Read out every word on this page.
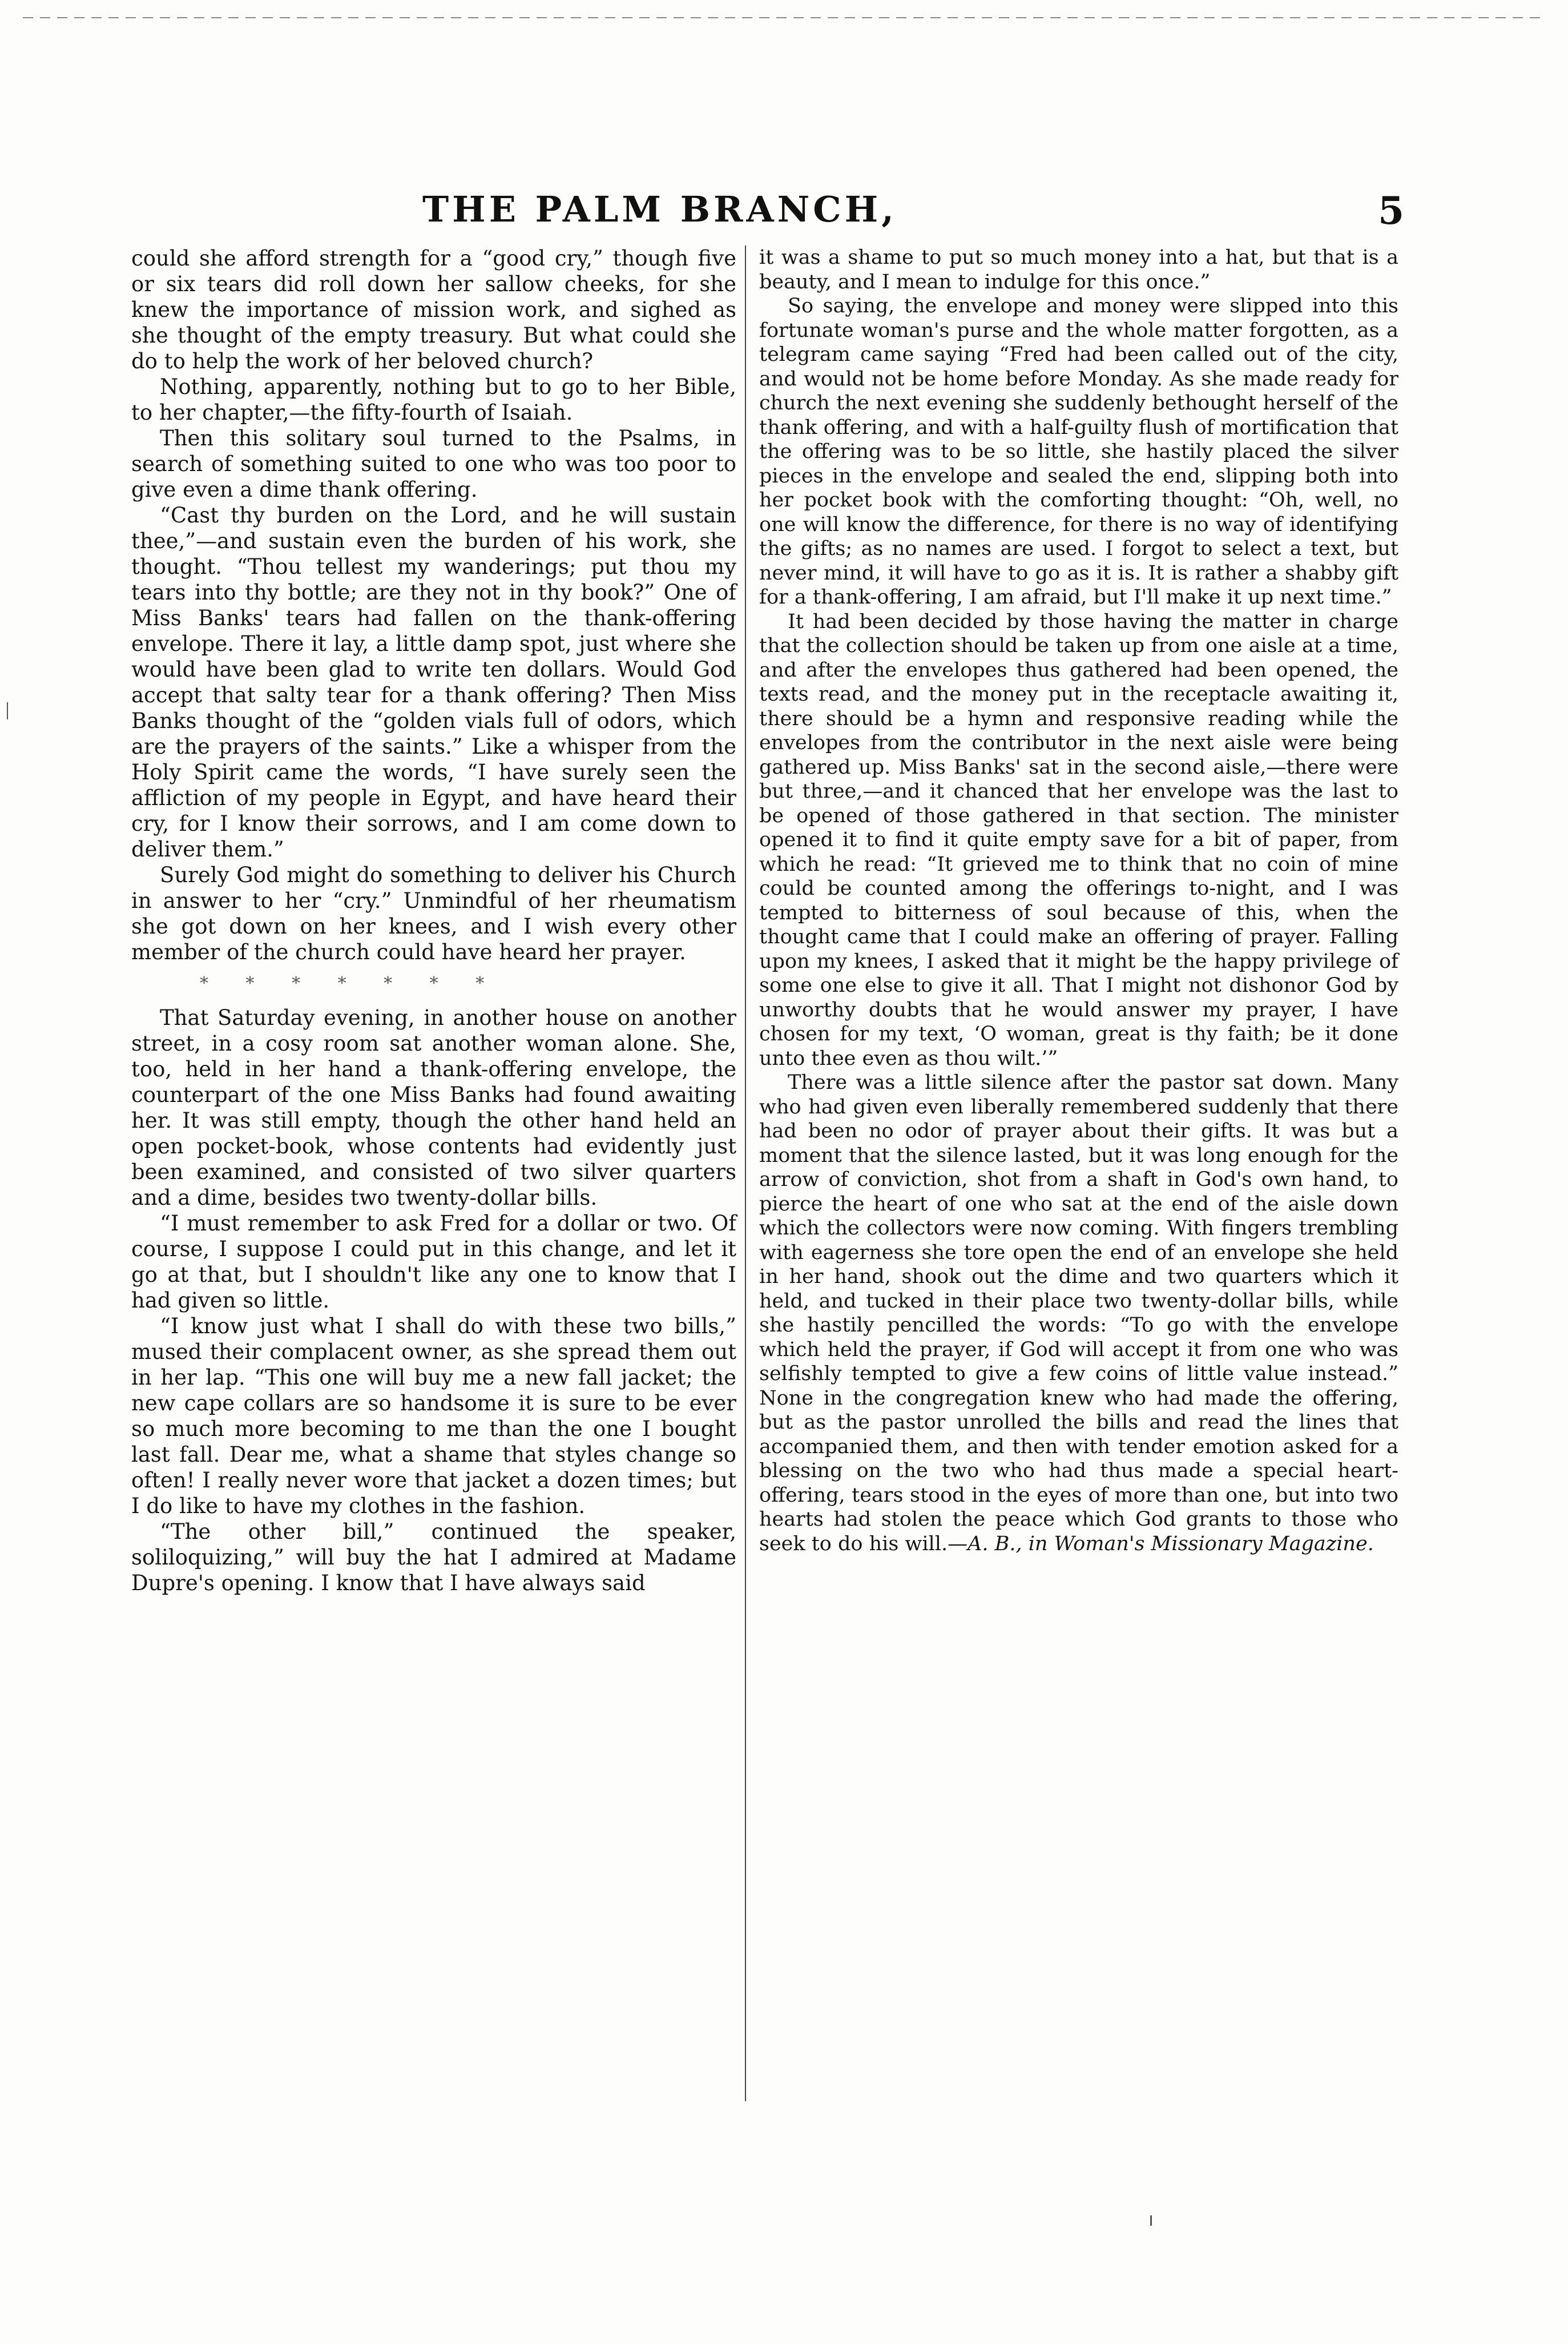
THE PALM BRANCH,	5

could she afford strength for a “good cry,” though five or six tears did roll down her sallow cheeks, for she knew the importance of mission work, and sighed as she thought of the empty treasury. But what could she do to help the work of her beloved church?

Nothing, apparently, nothing but to go to her Bible, to her chapter,—the fifty-fourth of Isaiah.

Then this solitary soul turned to the Psalms, in search of something suited to one who was too poor to give even a dime thank offering.

“Cast thy burden on the Lord, and he will sustain thee,”—and sustain even the burden of his work, she thought. “Thou tellest my wanderings; put thou my tears into thy bottle; are they not in thy book?” One of Miss Banks' tears had fallen on the thank-offering envelope. There it lay, a little damp spot, just where she would have been glad to write ten dollars. Would God accept that salty tear for a thank offering? Then Miss Banks thought of the “golden vials full of odors, which are the prayers of the saints.” Like a whisper from the Holy Spirit came the words, “I have surely seen the affliction of my people in Egypt, and have heard their cry, for I know their sorrows, and I am come down to deliver them.”

Surely God might do something to deliver his Church in answer to her “cry.” Unmindful of her rheumatism she got down on her knees, and I wish every other member of the church could have heard her prayer.

* * * * * * *

That Saturday evening, in another house on another street, in a cosy room sat another woman alone. She, too, held in her hand a thank-offering envelope, the counterpart of the one Miss Banks had found awaiting her. It was still empty, though the other hand held an open pocket-book, whose contents had evidently just been examined, and consisted of two silver quarters and a dime, besides two twenty-dollar bills.

“I must remember to ask Fred for a dollar or two. Of course, I suppose I could put in this change, and let it go at that, but I shouldn't like any one to know that I had given so little.

“I know just what I shall do with these two bills,” mused their complacent owner, as she spread them out in her lap. “This one will buy me a new fall jacket; the new cape collars are so handsome it is sure to be ever so much more becoming to me than the one I bought last fall. Dear me, what a shame that styles change so often! I really never wore that jacket a dozen times; but I do like to have my clothes in the fashion.

“The other bill,” continued the speaker, soliloquizing,” will buy the hat I admired at Madame Dupre's opening. I know that I have always said

it was a shame to put so much money into a hat, but that is a beauty, and I mean to indulge for this once.”

So saying, the envelope and money were slipped into this fortunate woman's purse and the whole matter forgotten, as a telegram came saying “Fred had been called out of the city, and would not be home before Monday. As she made ready for church the next evening she suddenly bethought herself of the thank offering, and with a half-guilty flush of mortification that the offering was to be so little, she hastily placed the silver pieces in the envelope and sealed the end, slipping both into her pocket book with the comforting thought: “Oh, well, no one will know the difference, for there is no way of identifying the gifts; as no names are used. I forgot to select a text, but never mind, it will have to go as it is. It is rather a shabby gift for a thank-offering, I am afraid, but I'll make it up next time.”

It had been decided by those having the matter in charge that the collection should be taken up from one aisle at a time, and after the envelopes thus gathered had been opened, the texts read, and the money put in the receptacle awaiting it, there should be a hymn and responsive reading while the envelopes from the contributor in the next aisle were being gathered up. Miss Banks' sat in the second aisle,—there were but three,—and it chanced that her envelope was the last to be opened of those gathered in that section. The minister opened it to find it quite empty save for a bit of paper, from which he read: “It grieved me to think that no coin of mine could be counted among the offerings to-night, and I was tempted to bitterness of soul because of this, when the thought came that I could make an offering of prayer. Falling upon my knees, I asked that it might be the happy privilege of some one else to give it all. That I might not dishonor God by unworthy doubts that he would answer my prayer, I have chosen for my text, ‘O woman, great is thy faith; be it done unto thee even as thou wilt.’”

There was a little silence after the pastor sat down. Many who had given even liberally remembered suddenly that there had been no odor of prayer about their gifts. It was but a moment that the silence lasted, but it was long enough for the arrow of conviction, shot from a shaft in God's own hand, to pierce the heart of one who sat at the end of the aisle down which the collectors were now coming. With fingers trembling with eagerness she tore open the end of an envelope she held in her hand, shook out the dime and two quarters which it held, and tucked in their place two twenty-dollar bills, while she hastily pencilled the words: “To go with the envelope which held the prayer, if God will accept it from one who was selfishly tempted to give a few coins of little value instead.” None in the congregation knew who had made the offering, but as the pastor unrolled the bills and read the lines that accompanied them, and then with tender emotion asked for a blessing on the two who had thus made a special heart-offering, tears stood in the eyes of more than one, but into two hearts had stolen the peace which God grants to those who seek to do his will.—A. B., in Woman's Missionary Magazine.
